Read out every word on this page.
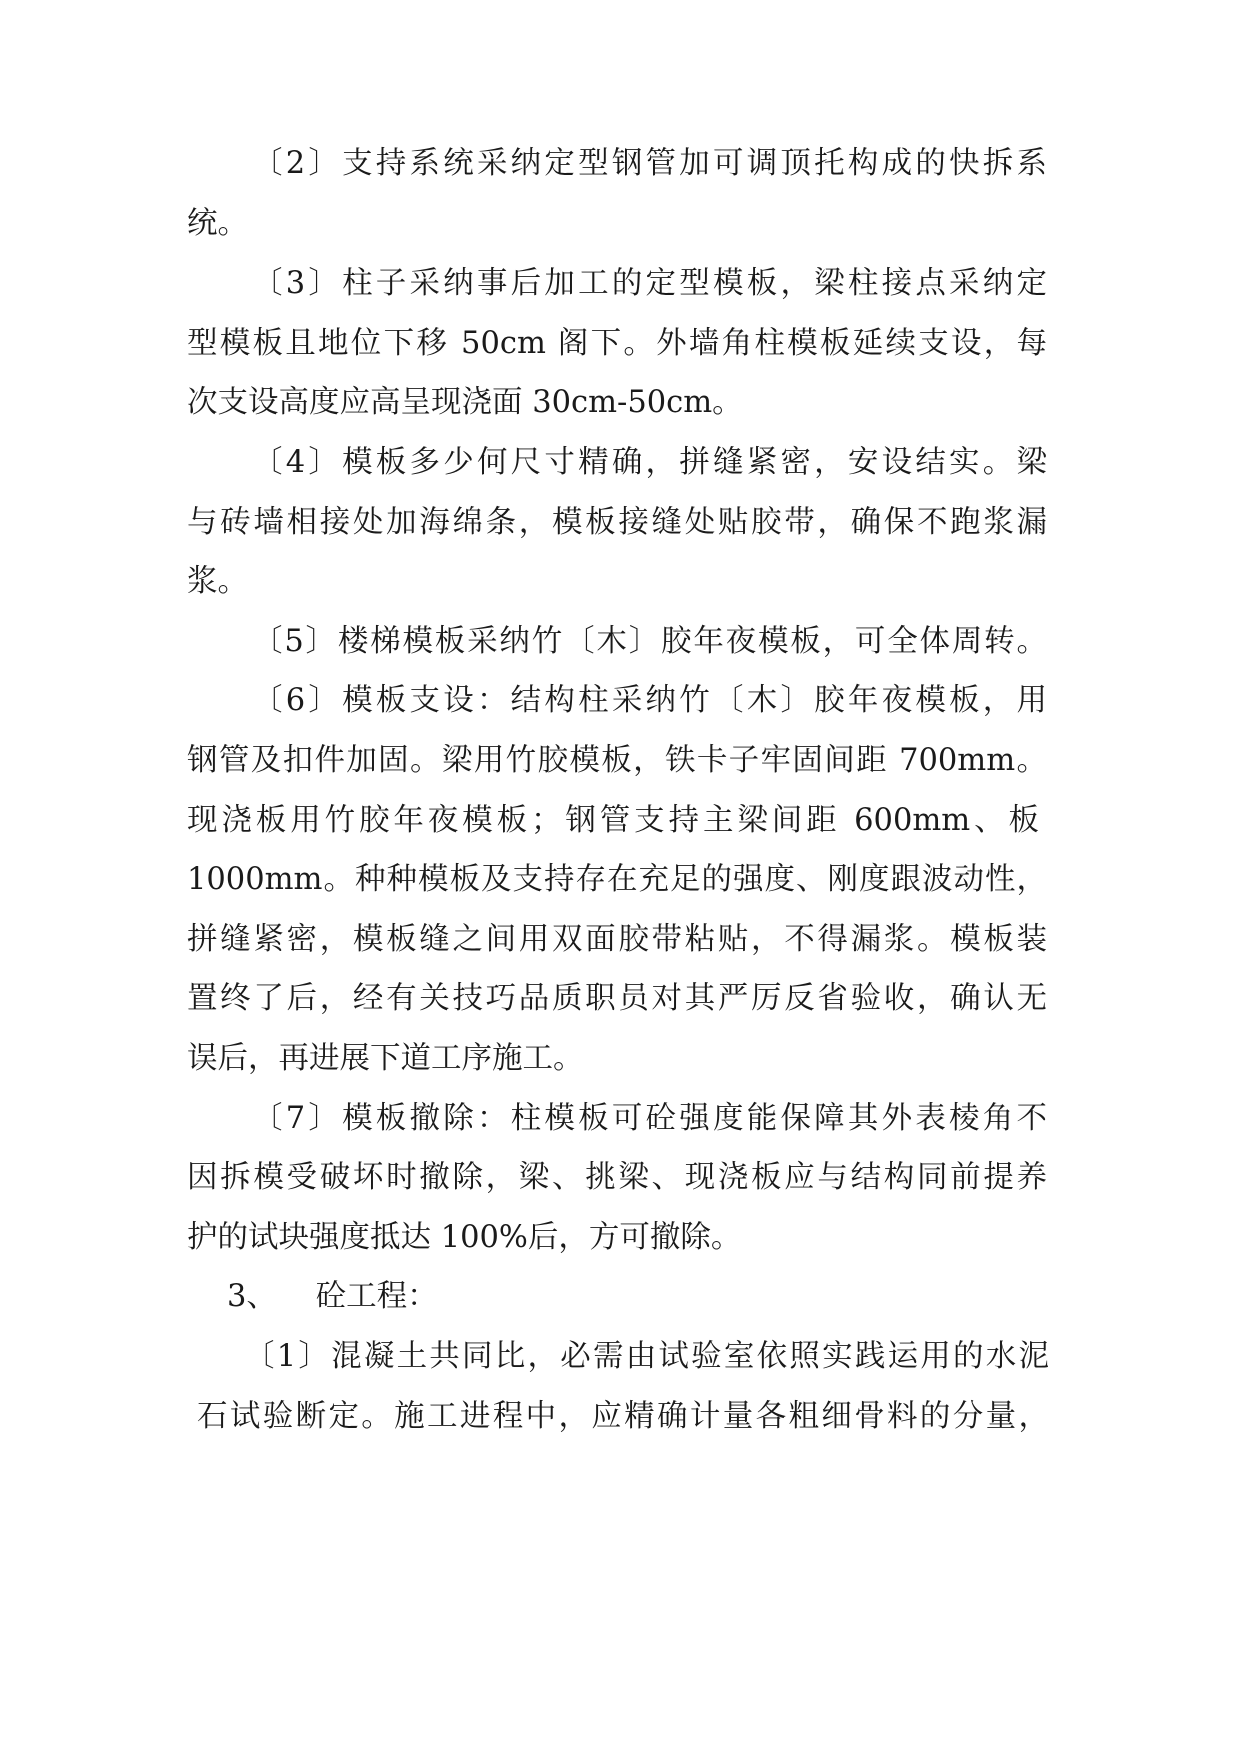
〔2〕支持系统采纳定型钢管加可调顶托构成的快拆系

统。

〔3〕柱子采纳事后加工的定型模板，梁柱接点采纳定

型模板且地位下移 50cm 阁下。外墙角柱模板延续支设，每

次支设高度应高呈现浇面 30cm-50cm。

〔4〕模板多少何尺寸精确，拼缝紧密，安设结实。梁

与砖墙相接处加海绵条，模板接缝处贴胶带，确保不跑浆漏

浆。

〔5〕楼梯模板采纳竹〔木〕胶年夜模板，可全体周转。

〔6〕模板支设：结构柱采纳竹〔木〕胶年夜模板，用

钢管及扣件加固。梁用竹胶模板，铁卡子牢固间距 700mm。

现浇板用竹胶年夜模板；钢管支持主梁间距 600mm、板

1000mm。种种模板及支持存在充足的强度、刚度跟波动性，

拼缝紧密，模板缝之间用双面胶带粘贴，不得漏浆。模板装

置终了后，经有关技巧品质职员对其严厉反省验收，确认无

误后，再进展下道工序施工。

〔7〕模板撤除：柱模板可砼强度能保障其外表棱角不

因拆模受破坏时撤除，梁、挑梁、现浇板应与结构同前提养

护的试块强度抵达 100%后，方可撤除。

3、    砼工程：

〔1〕混凝土共同比，必需由试验室依照实践运用的水泥

石试验断定。施工进程中，应精确计量各粗细骨料的分量，
